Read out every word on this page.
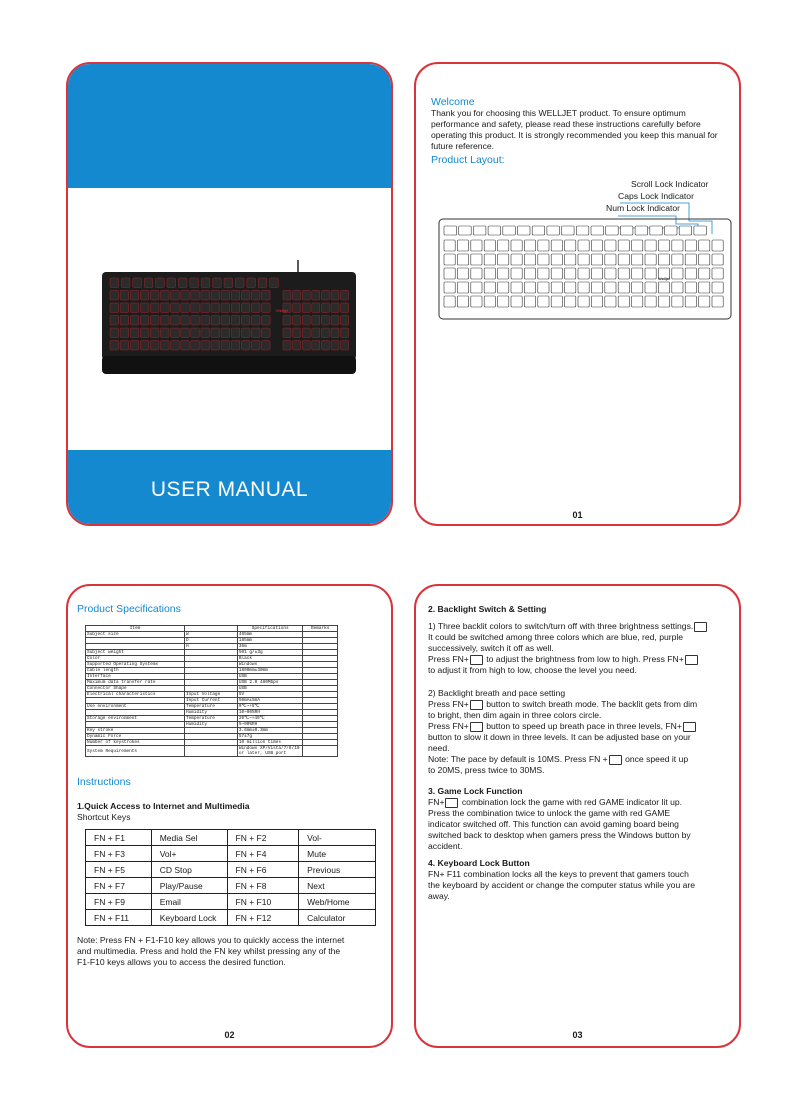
Welljet
USER MANUAL
Welcome

Thank you for choosing this WELLJET product. To ensure optimum

performance and safety, please read these instructions carefully before

operating this product. It is strongly recommended you keep this manual for

future reference.

Product Layout:
Scroll Lock Indicator
Caps Lock Indicator
Num Lock Indicator
Welljet
01
Product Specifications
Item		Specifications	Remarks
Subject size	W	465mm	
	D	185mm	
	H	36m	
Subject weight		501 g/±3g	
Color		Black	
Supported Operating Systems		Windows	
Cable length		1800mm±30mm	
Interface		USB	
Maximum data transfer rate		USB 2.0 480Mbps	
Connector Shape		USB	
Electrical characteristics	Input Voltage	5V	
	Input Current	50mA±5mA	
Use environment	Temperature	0℃~+5℃	
	Humidity	10~90%RH	
Storage environment	Temperature	20℃~+40℃	
	Humidity	5~90%RH	
Key stroke		3.6mm±0.3mm	
Dynamic Force		57±7g	
Number of keystrokes		10 million times	
System Requirements		Windows XP/Vista/7/8/10 or later, USB port	
Instructions
1.Quick Access to Internet and Multimedia
Shortcut Keys
FN + F1	Media Sel	FN + F2	Vol-
FN + F3	Vol+	FN + F4	Mute
FN + F5	CD Stop	FN + F6	Previous
FN + F7	Play/Pause	FN + F8	Next
FN + F9	Email	FN + F10	Web/Home
FN + F11	Keyboard Lock	FN + F12	Calculator

Note: Press FN + F1-F10 key allows you to quickly access the internet

and multimedia. Press and hold the FN key whilst pressing any of the

F1-F10 keys allows you to access the desired function.

02
2. Backlight Switch & Setting

1) Three backlit colors to switch/turn off with three brightness settings.

It could be switched among three colors which are blue, red, purple

successively, switch it off as well.

Press FN+ to adjust the brightness from low to high. Press FN+

to adjust it from high to low, choose the level you need.

2) Backlight breath and pace setting

Press FN+ button to switch breath mode. The backlit gets from dim

to bright, then dim again in three colors circle.

Press FN+ button to speed up breath pace in three levels, FN+

button to slow it down in three levels. It can be adjusted base on your

need.

Note: The pace by default is 10MS. Press FN + once speed it up

to 20MS, press twice to 30MS.

3. Game Lock Function

FN+ combination lock the game with red GAME indicator lit up.

Press the combination twice to unlock the game with red GAME

indicator switched off. This function can avoid gaming board being

switched back to desktop when gamers press the Windows button by

accident.

4. Keyboard Lock Button

FN+ F11 combination locks all the keys to prevent that gamers touch

the keyboard by accident or change the computer status while you are

away.

03
